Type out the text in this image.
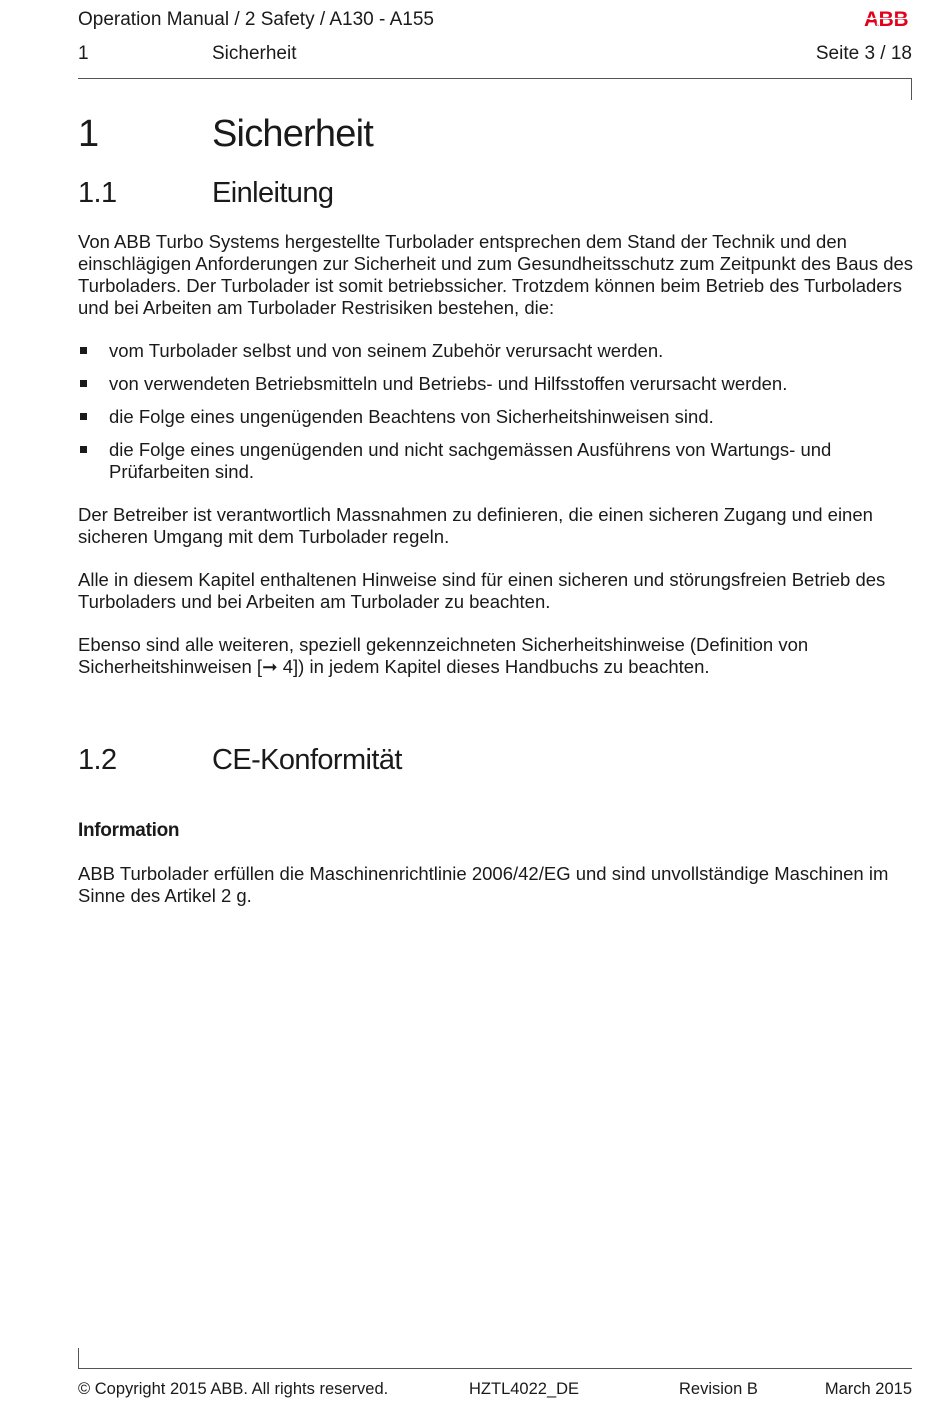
Operation Manual / 2 Safety / A130 - A155	ABB
1	Sicherheit	Seite 3 / 18
1	Sicherheit
1.1	Einleitung

Von ABB Turbo Systems hergestellte Turbolader entsprechen dem Stand der Technik und den einschlägigen Anforderungen zur Sicherheit und zum Gesundheitsschutz zum Zeitpunkt des Baus des Turboladers. Der Turbolader ist somit betriebssicher. Trotzdem können beim Betrieb des Turboladers und bei Arbeiten am Turbolader Restrisiken bestehen, die:

vom Turbolader selbst und von seinem Zubehör verursacht werden.
von verwendeten Betriebsmitteln und Betriebs- und Hilfsstoffen verursacht werden.
die Folge eines ungenügenden Beachtens von Sicherheitshinweisen sind.
die Folge eines ungenügenden und nicht sachgemässen Ausführens von Wartungs- und Prüfarbeiten sind.

Der Betreiber ist verantwortlich Massnahmen zu definieren, die einen sicheren Zugang und einen sicheren Umgang mit dem Turbolader regeln.

Alle in diesem Kapitel enthaltenen Hinweise sind für einen sicheren und störungsfreien Betrieb des Turboladers und bei Arbeiten am Turbolader zu beachten.

Ebenso sind alle weiteren, speziell gekennzeichneten Sicherheitshinweise (Definition von Sicherheitshinweisen [➞ 4]) in jedem Kapitel dieses Handbuchs zu beachten.

1.2	CE-Konformität
Information

ABB Turbolader erfüllen die Maschinenrichtlinie 2006/42/EG und sind unvollständige Maschinen im Sinne des Artikel 2 g.

© Copyright 2015 ABB. All rights reserved.	HZTL4022_DE	Revision B	March 2015
